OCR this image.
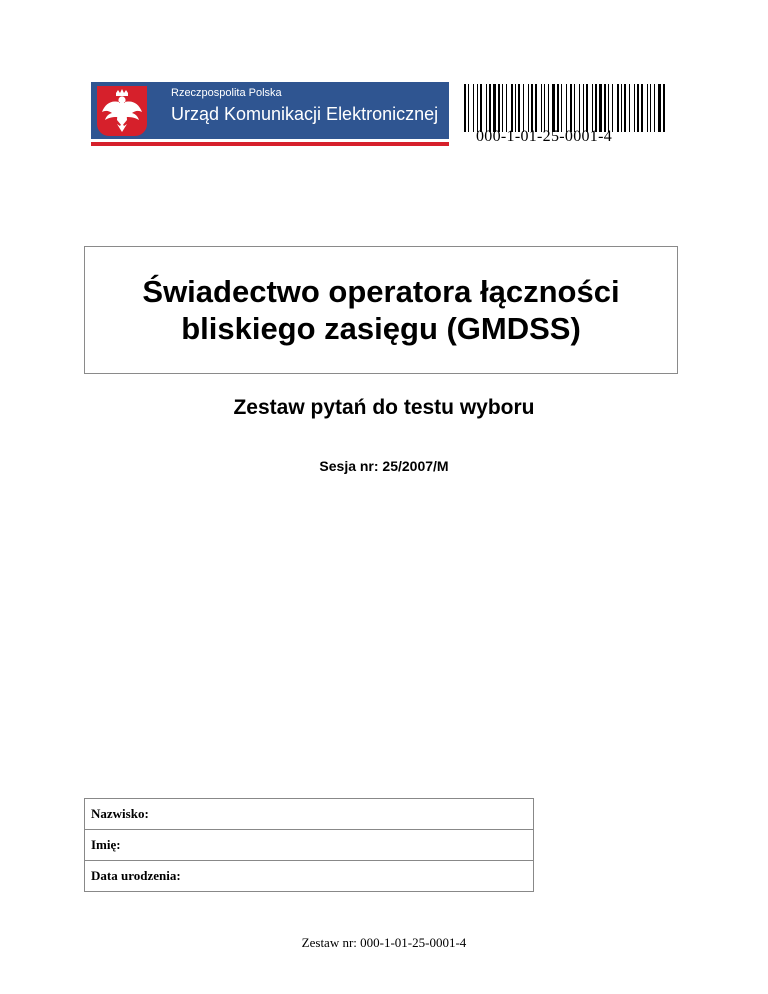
Rzeczpospolita Polska
Urząd Komunikacji Elektronicznej
000-1-01-25-0001-4
Świadectwo operatora łączności
bliskiego zasięgu (GMDSS)
Zestaw pytań do testu wyboru
Sesja nr: 25/2007/M
Nazwisko:
Imię:
Data urodzenia:
Zestaw nr: 000-1-01-25-0001-4
